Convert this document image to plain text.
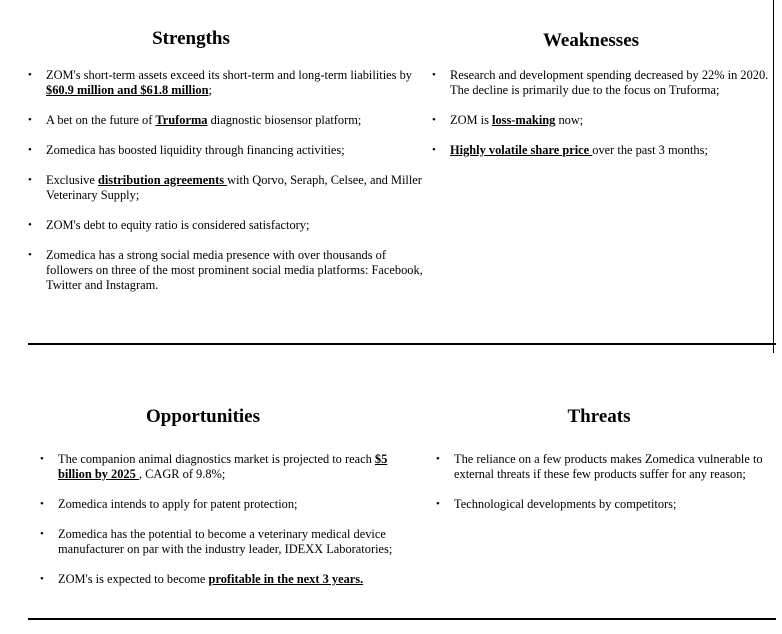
Strengths
• ZOM's short-term assets exceed its short-term and long-term liabilities by $60.9 million and $61.8 million;
• A bet on the future of Truforma diagnostic biosensor platform;
• Zomedica has boosted liquidity through financing activities;
• Exclusive distribution agreements with Qorvo, Seraph, Celsee, and Miller Veterinary Supply;
• ZOM's debt to equity ratio is considered satisfactory;
• Zomedica has a strong social media presence with over thousands of followers on three of the most prominent social media platforms: Facebook, Twitter and Instagram.
Weaknesses
• Research and development spending decreased by 22% in 2020. The decline is primarily due to the focus on Truforma;
• ZOM is loss-making now;
• Highly volatile share price over the past 3 months;
Opportunities
• The companion animal diagnostics market is projected to reach $5 billion by 2025 , CAGR of 9.8%;
• Zomedica intends to apply for patent protection;
• Zomedica has the potential to become a veterinary medical device manufacturer on par with the industry leader, IDEXX Laboratories;
• ZOM's is expected to become profitable in the next 3 years.
Threats
• The reliance on a few products makes Zomedica vulnerable to external threats if these few products suffer for any reason;
• Technological developments by competitors;
